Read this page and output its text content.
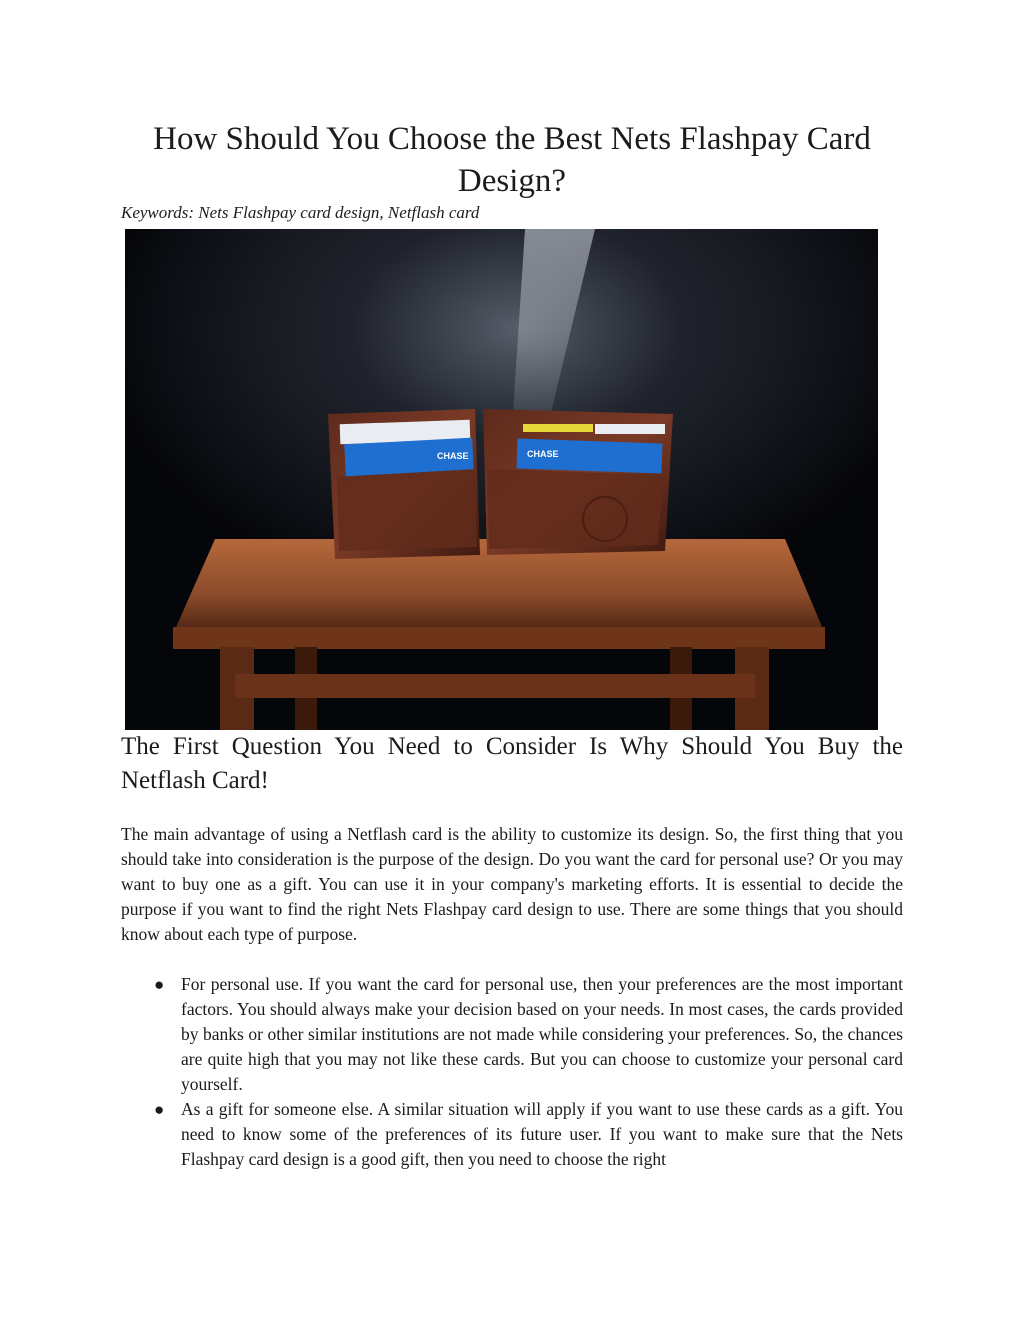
How Should You Choose the Best Nets Flashpay Card Design?
Keywords: Nets Flashpay card design, Netflash card
CHASE	CHASE
The First Question You Need to Consider Is Why Should You Buy the Netflash Card!

The main advantage of using a Netflash card is the ability to customize its design. So, the first thing that you should take into consideration is the purpose of the design. Do you want the card for personal use? Or you may want to buy one as a gift. You can use it in your company's marketing efforts. It is essential to decide the purpose if you want to find the right Nets Flashpay card design to use. There are some things that you should know about each type of purpose.

● For personal use. If you want the card for personal use, then your preferences are the most important factors. You should always make your decision based on your needs. In most cases, the cards provided by banks or other similar institutions are not made while considering your preferences. So, the chances are quite high that you may not like these cards. But you can choose to customize your personal card yourself.
● As a gift for someone else. A similar situation will apply if you want to use these cards as a gift. You need to know some of the preferences of its future user. If you want to make sure that the Nets Flashpay card design is a good gift, then you need to choose the right
